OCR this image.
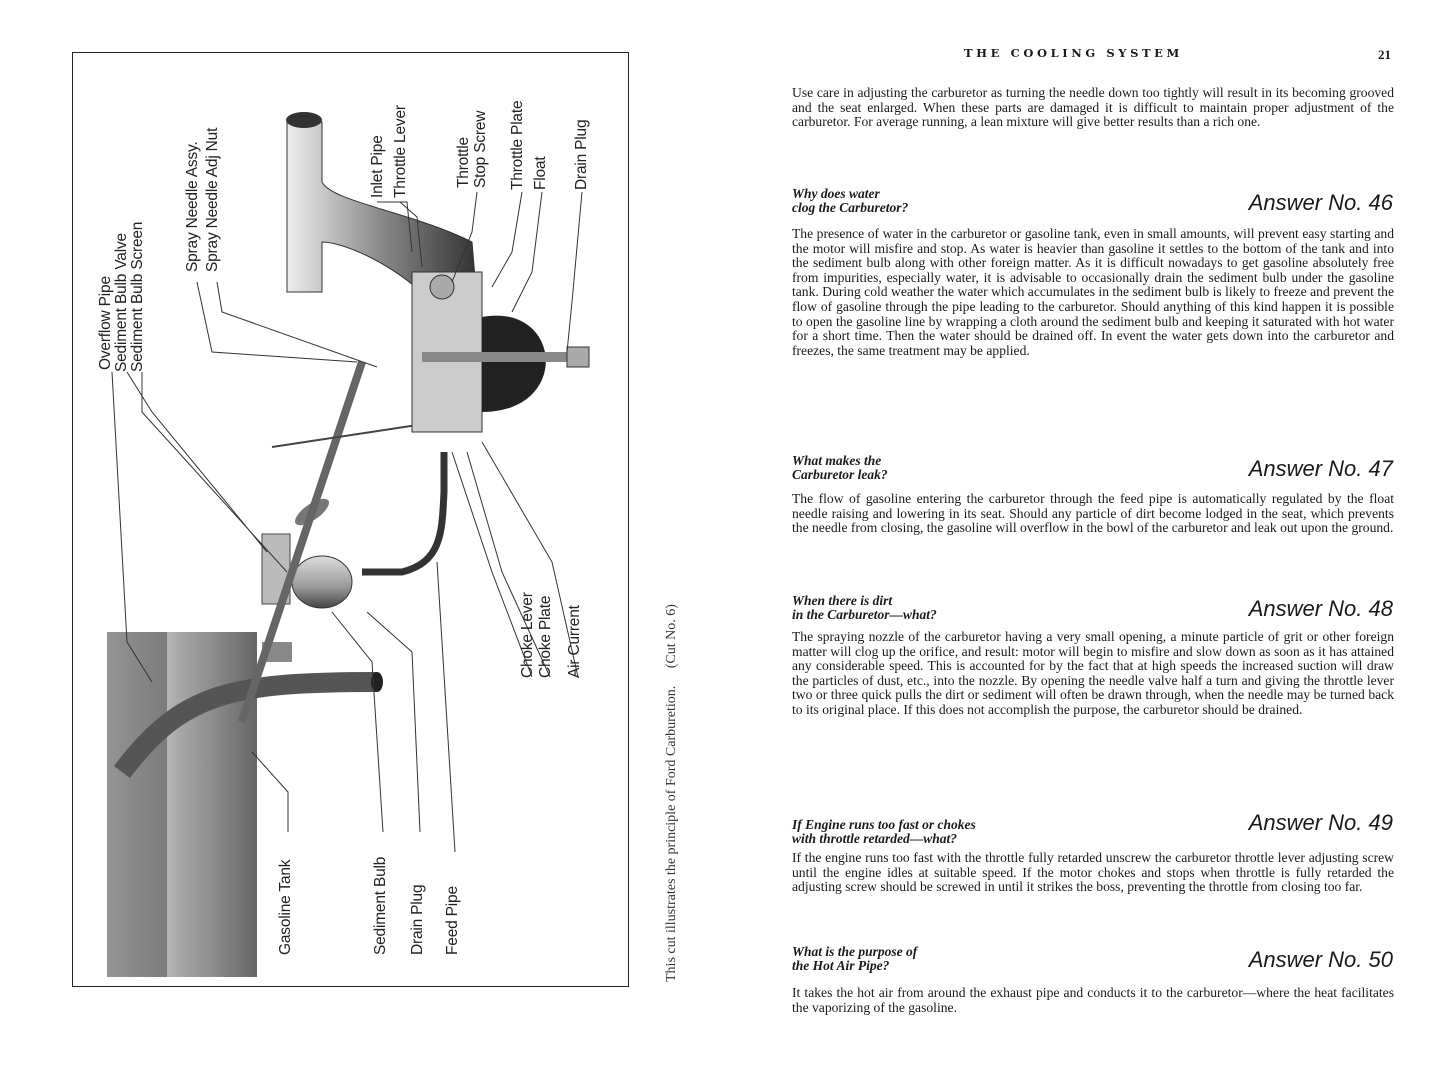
Overflow Pipe Sediment Bulb Valve Sediment Bulb Screen
Spray Needle Assy. Spray Needle Adj Nut	Inlet Pipe Throttle Lever	Throttle Stop Screw Throttle Plate Float Drain Plug
Choke Lever Choke Plate Air Current
Gasoline Tank	Sediment Bulb Drain Plug Feed Pipe	This cut illustrates the principle of Ford Carburetion.     (Cut No. 6)
THE COOLING SYSTEM	21
Use care in adjusting the carburetor as turning the needle down too tightly will result in its becoming grooved and the seat enlarged. When these parts are damaged it is difficult to maintain proper adjustment of the carburetor. For average running, a lean mixture will give better results than a rich one.
Why does water
clog the Carburetor?	Answer No. 46
The presence of water in the carburetor or gasoline tank, even in small amounts, will prevent easy starting and the motor will misfire and stop. As water is heavier than gasoline it settles to the bottom of the tank and into the sediment bulb along with other foreign matter. As it is difficult nowadays to get gasoline absolutely free from impurities, especially water, it is advisable to occasionally drain the sediment bulb under the gasoline tank. During cold weather the water which accumulates in the sediment bulb is likely to freeze and prevent the flow of gasoline through the pipe leading to the carburetor. Should anything of this kind happen it is possible to open the gasoline line by wrapping a cloth around the sediment bulb and keeping it saturated with hot water for a short time. Then the water should be drained off. In event the water gets down into the carburetor and freezes, the same treatment may be applied.
What makes the
Carburetor leak?	Answer No. 47
The flow of gasoline entering the carburetor through the feed pipe is automatically regulated by the float needle raising and lowering in its seat. Should any particle of dirt become lodged in the seat, which prevents the needle from closing, the gasoline will overflow in the bowl of the carburetor and leak out upon the ground.
When there is dirt
in the Carburetor—what?	Answer No. 48
The spraying nozzle of the carburetor having a very small opening, a minute particle of grit or other foreign matter will clog up the orifice, and result: motor will begin to misfire and slow down as soon as it has attained any considerable speed. This is accounted for by the fact that at high speeds the increased suction will draw the particles of dust, etc., into the nozzle. By opening the needle valve half a turn and giving the throttle lever two or three quick pulls the dirt or sediment will often be drawn through, when the needle may be turned back to its original place. If this does not accomplish the purpose, the carburetor should be drained.
If Engine runs too fast or chokes
with throttle retarded—what?
Answer No. 49
If the engine runs too fast with the throttle fully retarded unscrew the carburetor throttle lever adjusting screw until the engine idles at suitable speed. If the motor chokes and stops when throttle is fully retarded the adjusting screw should be screwed in until it strikes the boss, preventing the throttle from closing too far.
What is the purpose of
the Hot Air Pipe?	Answer No. 50
It takes the hot air from around the exhaust pipe and conducts it to the carburetor—where the heat facilitates the vaporizing of the gasoline.
